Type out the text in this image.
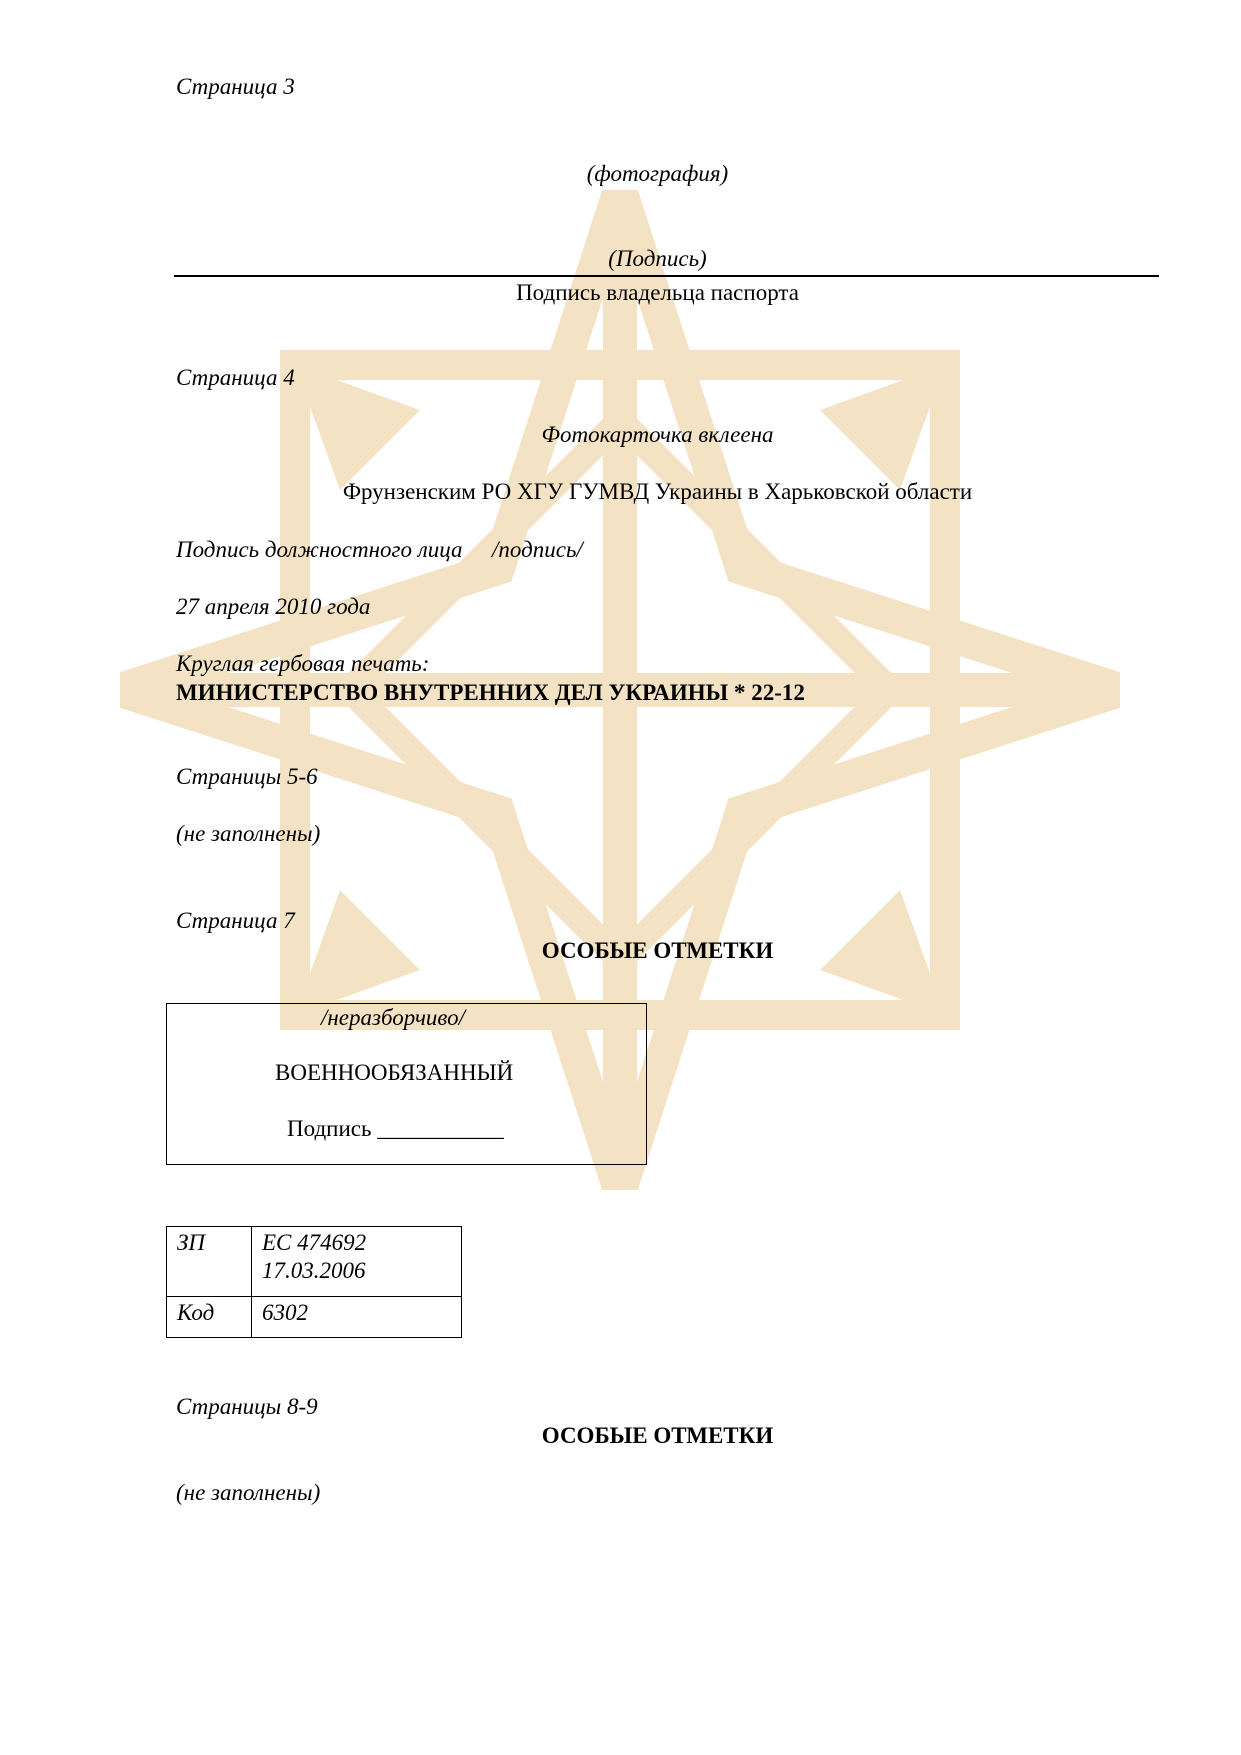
Страница 3
(фотография)
(Подпись)
Подпись владельца паспорта
Страница 4
Фотокарточка вклеена
Фрунзенским РО ХГУ ГУМВД Украины в Харьковской области
Подпись должностного лица /подпись/
27 апреля 2010 года
Круглая гербовая печать:
МИНИСТЕРСТВО ВНУТРЕННИХ ДЕЛ УКРАИНЫ * 22-12
Страницы 5-6
(не заполнены)
Страница 7
ОСОБЫЕ ОТМЕТКИ
/неразборчиво/
ВОЕННООБЯЗАННЫЙ
Подпись ___________
ЗП	ЕС 474692
17.03.2006

Код	6302
Страницы 8-9
ОСОБЫЕ ОТМЕТКИ
(не заполнены)
